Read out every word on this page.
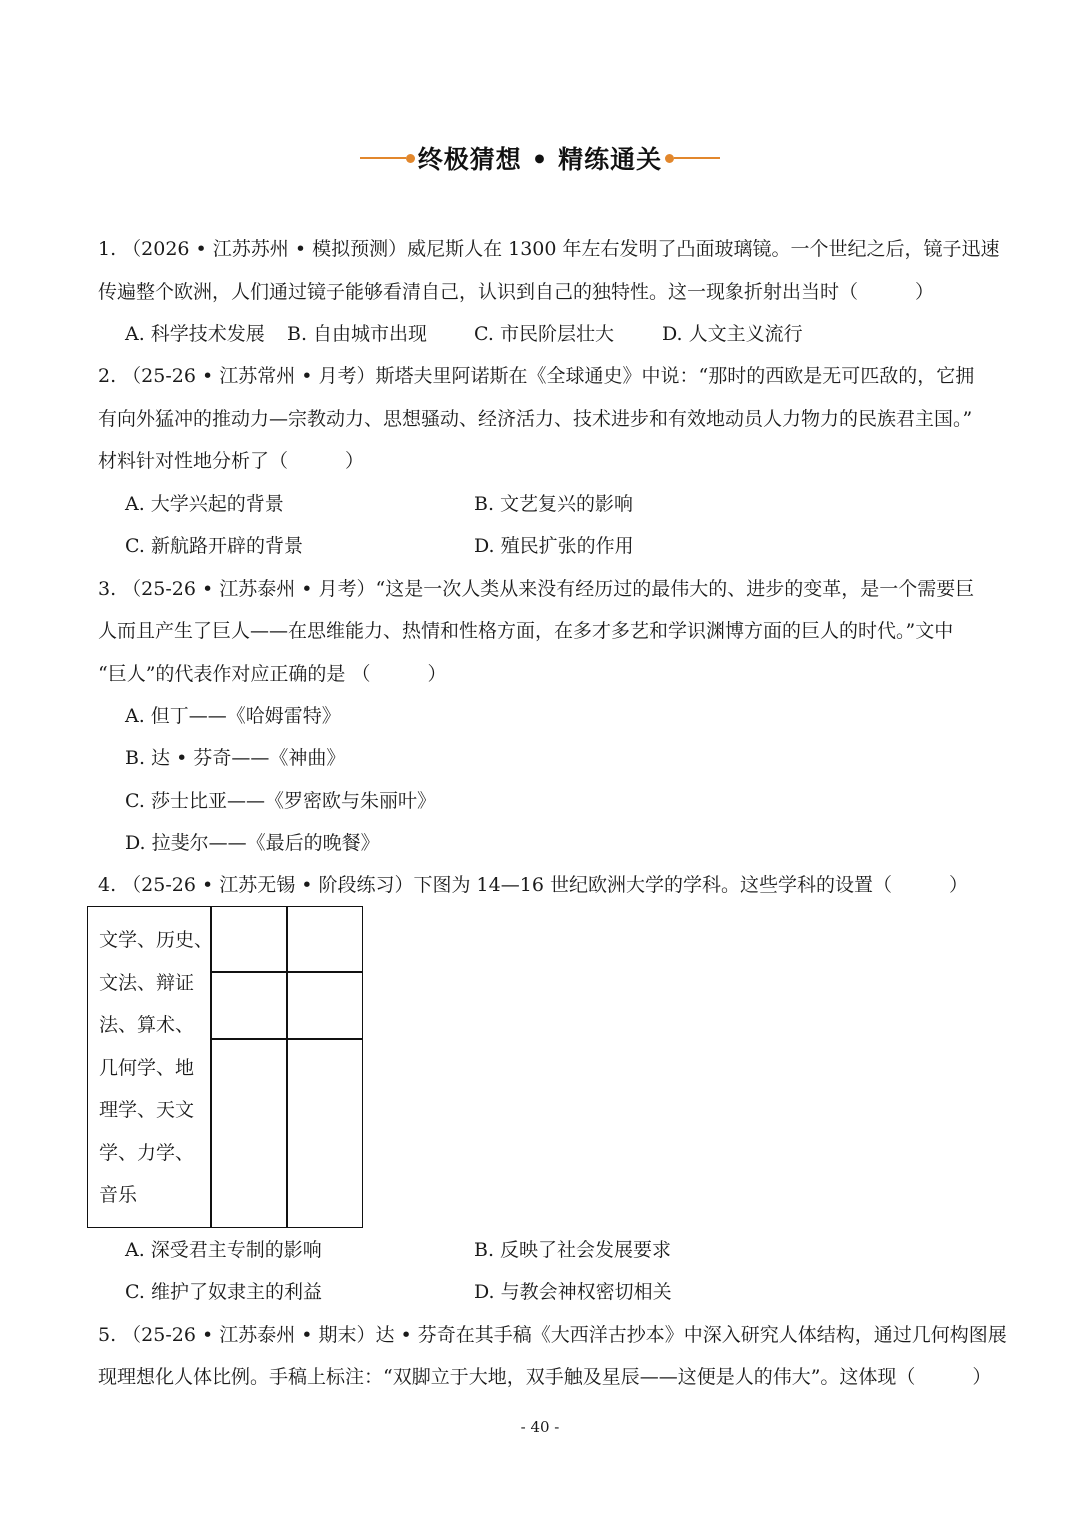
终极猜想 • 精练通关
1. （2026 • 江苏苏州 • 模拟预测）威尼斯人在 1300 年左右发明了凸面玻璃镜。一个世纪之后，镜子迅速
传遍整个欧洲，人们通过镜子能够看清自己，认识到自己的独特性。这一现象折射出当时（　　　）
A. 科学技术发展 B. 自由城市出现 C. 市民阶层壮大	D. 人文主义流行
2. （25-26 • 江苏常州 • 月考）斯塔夫里阿诺斯在《全球通史》中说：“那时的西欧是无可匹敌的，它拥
有向外猛冲的推动力—宗教动力、思想骚动、经济活力、技术进步和有效地动员人力物力的民族君主国。”
材料针对性地分析了（　　　）
A. 大学兴起的背景	B. 文艺复兴的影响
C. 新航路开辟的背景	D. 殖民扩张的作用
3. （25-26 • 江苏泰州 • 月考）“这是一次人类从来没有经历过的最伟大的、进步的变革，是一个需要巨
人而且产生了巨人——在思维能力、热情和性格方面，在多才多艺和学识渊博方面的巨人的时代。”文中
“巨人”的代表作对应正确的是 （　　　）
A. 但丁——《哈姆雷特》
B. 达 • 芬奇——《神曲》
C. 莎士比亚——《罗密欧与朱丽叶》
D. 拉斐尔——《最后的晚餐》
4. （25-26 • 江苏无锡 • 阶段练习）下图为 14—16 世纪欧洲大学的学科。这些学科的设置（　　　）
文学、历史、
文法、辩证
法、算术、
几何学、地
理学、天文
学、力学、
音乐
A. 深受君主专制的影响	B. 反映了社会发展要求
C. 维护了奴隶主的利益	D. 与教会神权密切相关
5. （25-26 • 江苏泰州 • 期末）达 • 芬奇在其手稿《大西洋古抄本》中深入研究人体结构，通过几何构图展
现理想化人体比例。手稿上标注：“双脚立于大地，双手触及星辰——这便是人的伟大”。这体现（　　　）
- 40 -
